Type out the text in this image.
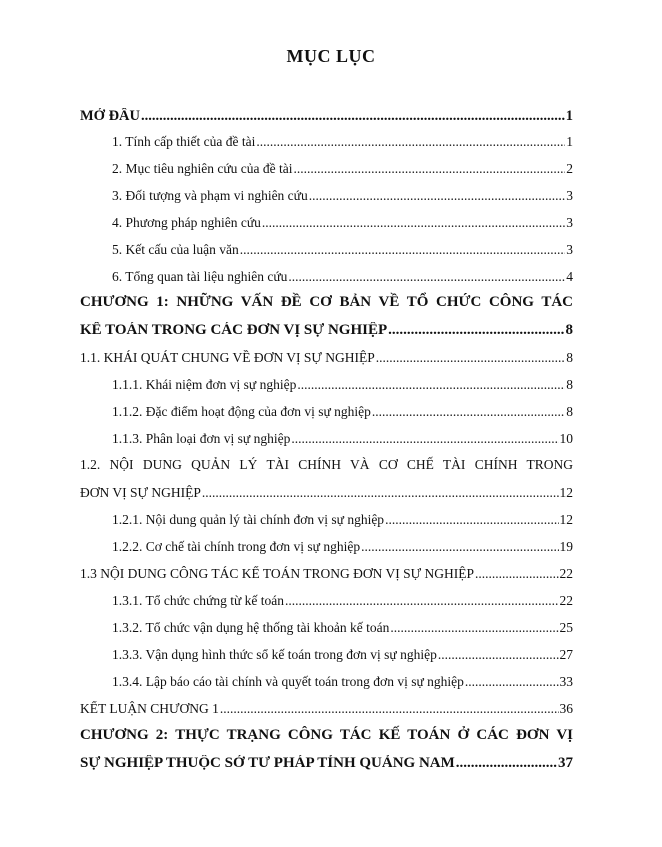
MỤC LỤC
MỞ ĐẦU .....	1
1. Tính cấp thiết của đề tài .....	1
2. Mục tiêu nghiên cứu của đề tài .....	2
3. Đối tượng và phạm vi nghiên cứu .....	3
4. Phương pháp nghiên cứu .....	3
5. Kết cấu của luận văn .....	3
6. Tổng quan tài liệu nghiên cứu .....	4
CHƯƠNG 1: NHỮNG VẤN ĐỀ CƠ BẢN VỀ TỔ CHỨC CÔNG TÁC
KẾ TOÁN TRONG CÁC ĐƠN VỊ SỰ NGHIỆP .....	8
1.1. KHÁI QUÁT CHUNG VỀ ĐƠN VỊ SỰ NGHIỆP .....	8
1.1.1. Khái niệm đơn vị sự nghiệp .....	8
1.1.2. Đặc điểm hoạt động của đơn vị sự nghiệp .....	8
1.1.3. Phân loại đơn vị sự nghiệp .....	10
1.2. NỘI DUNG QUẢN LÝ TÀI CHÍNH VÀ CƠ CHẾ TÀI CHÍNH TRONG
ĐƠN VỊ SỰ NGHIỆP .....	12
1.2.1. Nội dung quản lý tài chính đơn vị sự nghiệp .....	12
1.2.2. Cơ chế tài chính trong đơn vị sự nghiệp .....	19
1.3 NỘI DUNG CÔNG TÁC KẾ TOÁN TRONG ĐƠN VỊ SỰ NGHIỆP .....	22
1.3.1. Tổ chức chứng từ kế toán .....	22
1.3.2. Tổ chức vận dụng hệ thống tài khoản kế toán .....	25
1.3.3. Vận dụng hình thức sổ kế toán trong đơn vị sự nghiệp .....	27
1.3.4. Lập báo cáo tài chính và quyết toán trong đơn vị sự nghiệp .....	33
KẾT LUẬN CHƯƠNG 1 .....	36
CHƯƠNG 2: THỰC TRẠNG CÔNG TÁC KẾ TOÁN Ở CÁC ĐƠN VỊ
SỰ NGHIỆP THUỘC SỞ TƯ PHÁP TỈNH QUẢNG NAM .....	37
